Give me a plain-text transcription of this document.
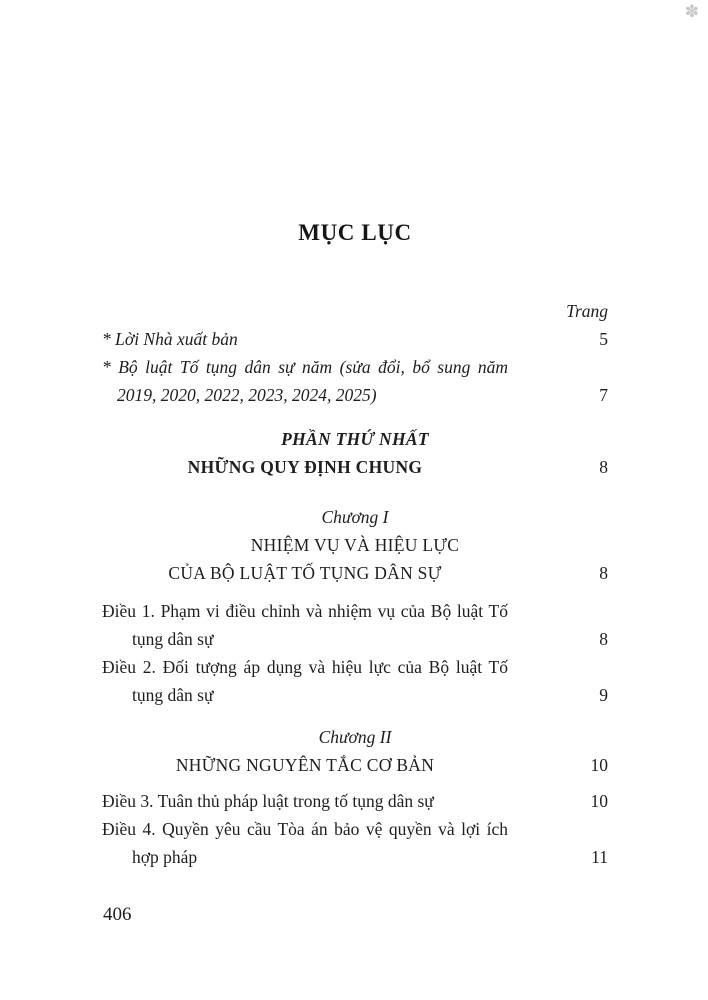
✽
MỤC LỤC
Trang
* Lời Nhà xuất bản	5
* Bộ luật Tố tụng dân sự năm (sửa đổi, bổ sung năm 2019, 2020, 2022, 2023, 2024, 2025)	7
PHẦN THỨ NHẤT
NHỮNG QUY ĐỊNH CHUNG	8
Chương I
NHIỆM VỤ VÀ HIỆU LỰC
CỦA BỘ LUẬT TỐ TỤNG DÂN SỰ	8
Điều 1. Phạm vi điều chỉnh và nhiệm vụ của Bộ luật Tố tụng dân sự	8
Điều 2. Đối tượng áp dụng và hiệu lực của Bộ luật Tố tụng dân sự	9
Chương II
NHỮNG NGUYÊN TẮC CƠ BẢN	10
Điều 3. Tuân thủ pháp luật trong tố tụng dân sự	10
Điều 4. Quyền yêu cầu Tòa án bảo vệ quyền và lợi ích hợp pháp	11
406
